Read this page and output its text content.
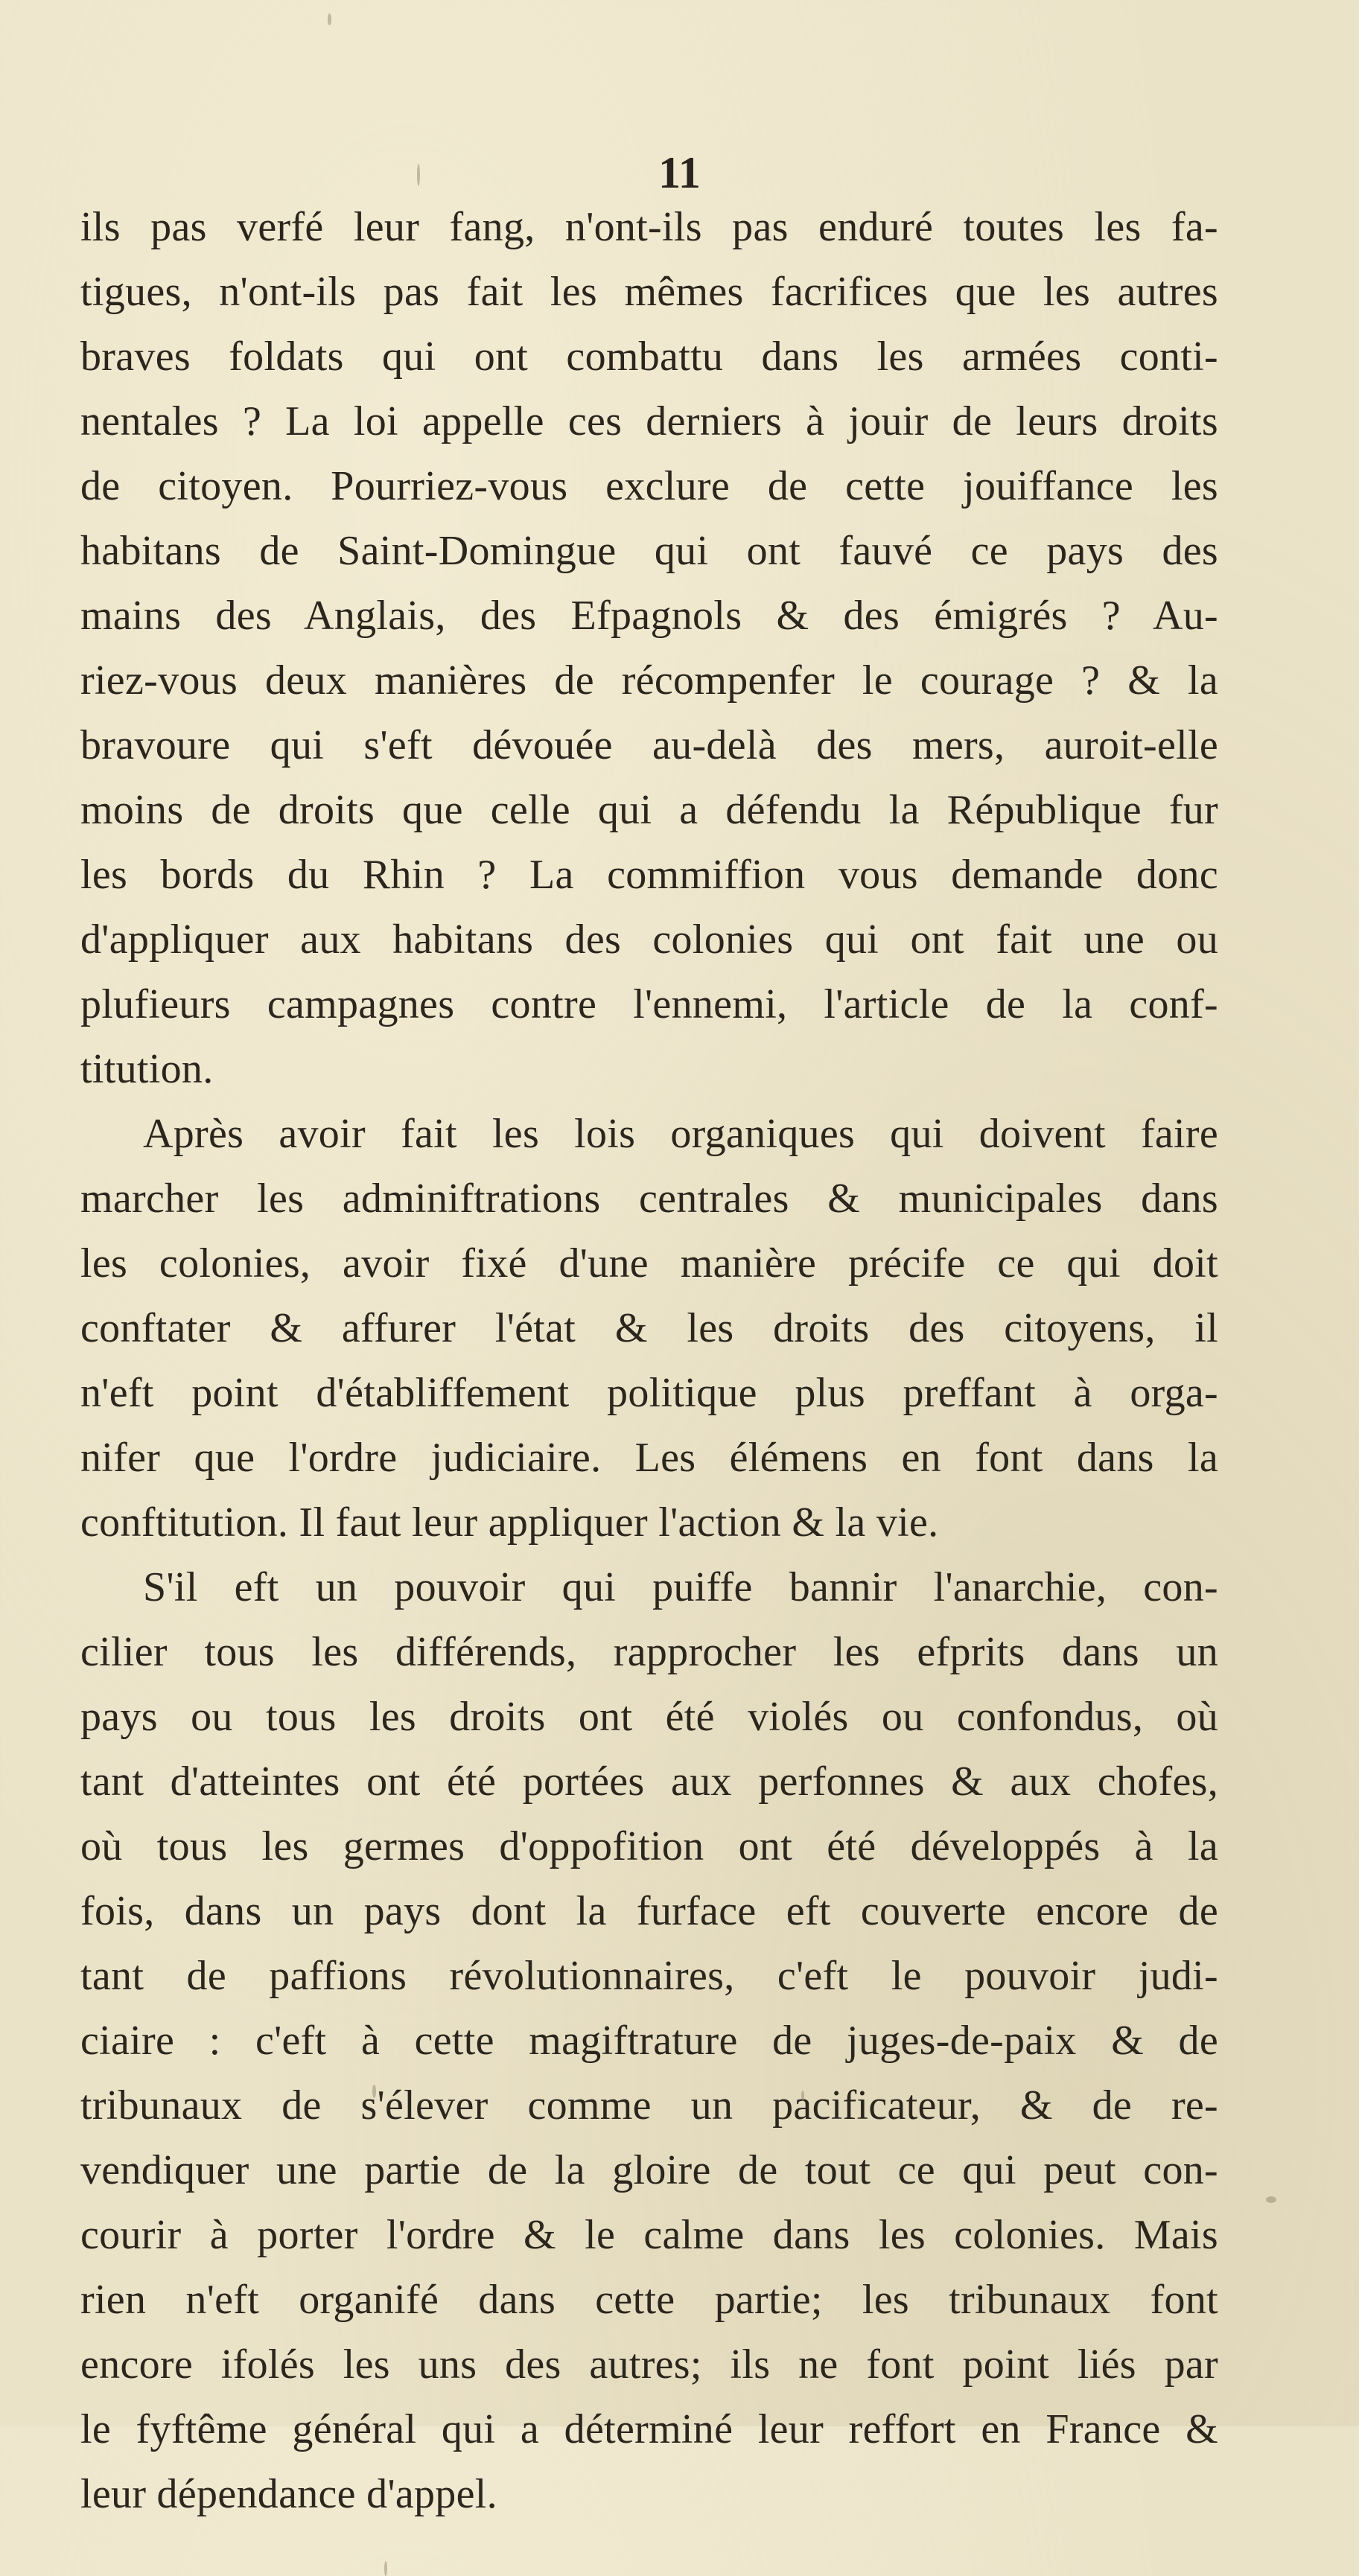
11
ils pas verfé leur fang, n'ont-ils pas enduré toutes les fa-
tigues, n'ont-ils pas fait les mêmes facrifices que les autres
braves foldats qui ont combattu dans les armées conti-
nentales ? La loi appelle ces derniers à jouir de leurs droits
de citoyen. Pourriez-vous exclure de cette jouiffance les
habitans de Saint-Domingue qui ont fauvé ce pays des
mains des Anglais, des Efpagnols & des émigrés ? Au-
riez-vous deux manières de récompenfer le courage ? & la
bravoure qui s'eft dévouée au-delà des mers, auroit-elle
moins de droits que celle qui a défendu la République fur
les bords du Rhin ? La commiffion vous demande donc
d'appliquer aux habitans des colonies qui ont fait une ou
plufieurs campagnes contre l'ennemi, l'article de la conf-
titution.
Après avoir fait les lois organiques qui doivent faire
marcher les adminiftrations centrales & municipales dans
les colonies, avoir fixé d'une manière précife ce qui doit
conftater & affurer l'état & les droits des citoyens, il
n'eft point d'établiffement politique plus preffant à orga-
nifer que l'ordre judiciaire. Les élémens en font dans la
conftitution. Il faut leur appliquer l'action & la vie.
S'il eft un pouvoir qui puiffe bannir l'anarchie, con-
cilier tous les différends, rapprocher les efprits dans un
pays ou tous les droits ont été violés ou confondus, où
tant d'atteintes ont été portées aux perfonnes & aux chofes,
où tous les germes d'oppofition ont été développés à la
fois, dans un pays dont la furface eft couverte encore de
tant de paffions révolutionnaires, c'eft le pouvoir judi-
ciaire : c'eft à cette magiftrature de juges-de-paix & de
tribunaux de s'élever comme un pacificateur, & de re-
vendiquer une partie de la gloire de tout ce qui peut con-
courir à porter l'ordre & le calme dans les colonies. Mais
rien n'eft organifé dans cette partie; les tribunaux font
encore ifolés les uns des autres; ils ne font point liés par
le fyftême général qui a déterminé leur reffort en France &
leur dépendance d'appel.
